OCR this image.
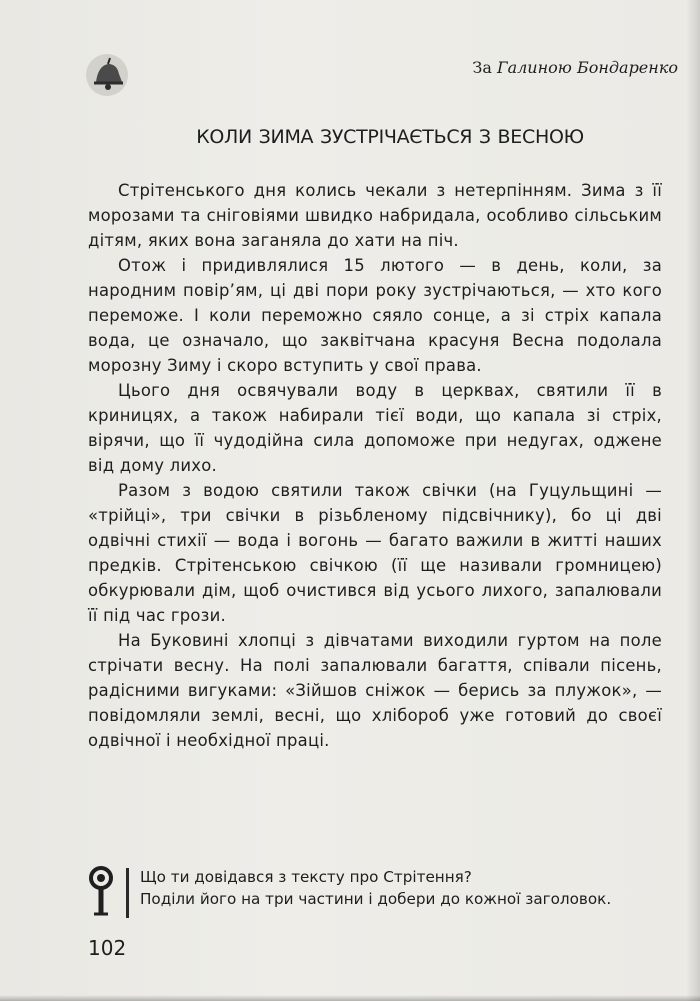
За Галиною Бондаренко
КОЛИ ЗИМА ЗУСТРІЧАЄТЬСЯ З ВЕСНОЮ

Стрітенського дня колись чекали з нетерпінням. Зима з її морозами та сніговіями швидко набридала, особливо сільським дітям, яких вона заганяла до хати на піч.

Отож і придивлялися 15 лютого — в день, коли, за народним повір’ям, ці дві пори року зустрічаються, — хто кого переможе. І коли переможно сяяло сонце, а зі стріх капала вода, це означало, що заквітчана красуня Весна подолала морозну Зиму і скоро вступить у свої права.

Цього дня освячували воду в церквах, святили її в криницях, а також набирали тієї води, що капала зі стріх, вірячи, що її чудодійна сила допоможе при недугах, оджене від дому лихо.

Разом з водою святили також свічки (на Гуцульщині — «трійці», три свічки в різьбленому підсвічнику), бо ці дві одвічні стихії — вода і вогонь — багато важили в житті наших предків. Стрітенською свічкою (її ще називали громницею) обкурювали дім, щоб очистився від усього лихого, запалювали її під час грози.

На Буковині хлопці з дівчатами виходили гуртом на поле стрічати весну. На полі запалювали багаття, співали пісень, радісними вигуками: «Зійшов сніжок — берись за плужок», — повідомляли землі, весні, що хлібороб уже готовий до своєї одвічної і необхідної праці.

Що ти довідався з тексту про Стрітення?
Поділи його на три частини і добери до кожної заголовок.
102
